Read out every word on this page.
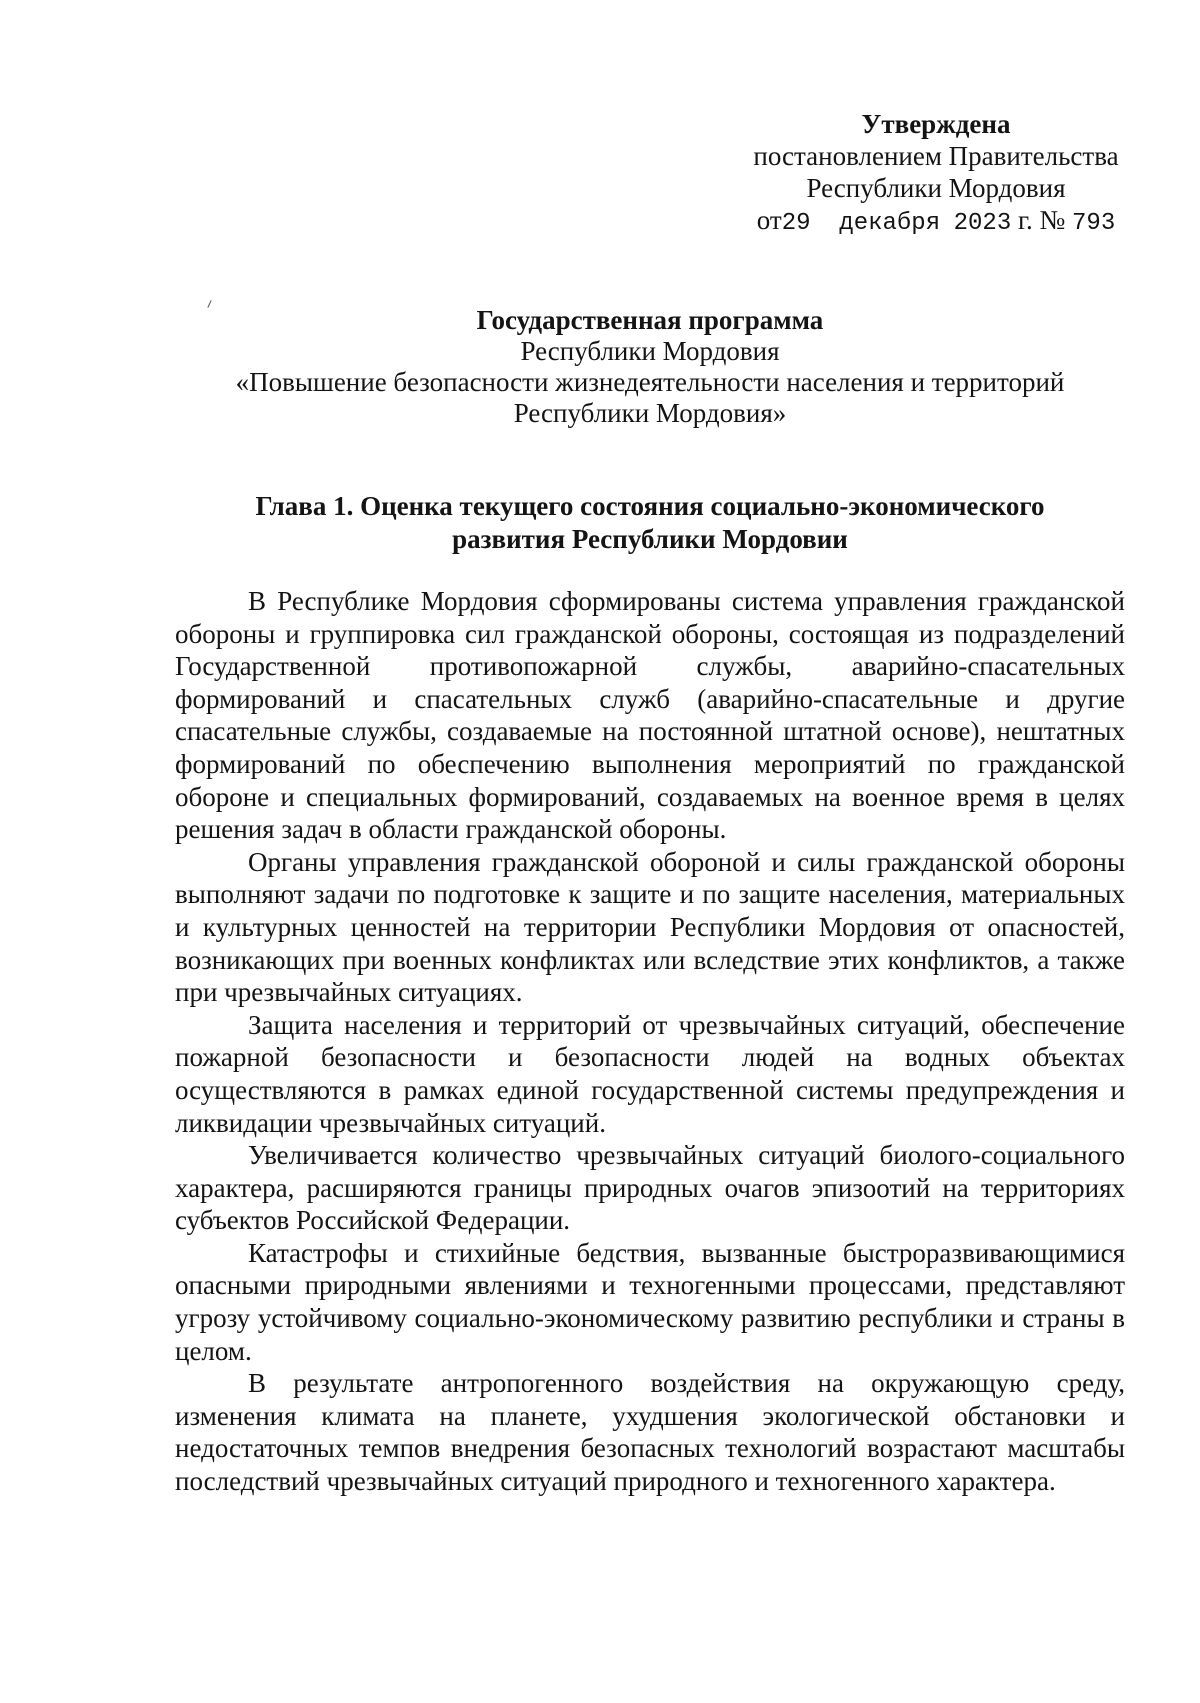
Утверждена
постановлением Правительства
Республики Мордовия
от29  декабря 2023 г. № 793
Государственная программа
Республики Мордовия
«Повышение безопасности жизнедеятельности населения и территорий
Республики Мордовия»
Глава 1. Оценка текущего состояния социально-экономического
развития Республики Мордовии

В Республике Мордовия сформированы система управления гражданской обороны и группировка сил гражданской обороны, состоящая из подразделений Государственной противопожарной службы, аварийно-спасательных формирований и спасательных служб (аварийно-спасательные и другие спасательные службы, создаваемые на постоянной штатной основе), нештатных формирований по обеспечению выполнения мероприятий по гражданской обороне и специальных формирований, создаваемых на военное время в целях решения задач в области гражданской обороны.

Органы управления гражданской обороной и силы гражданской обороны выполняют задачи по подготовке к защите и по защите населения, материальных и культурных ценностей на территории Республики Мордовия от опасностей, возникающих при военных конфликтах или вследствие этих конфликтов, а также при чрезвычайных ситуациях.

Защита населения и территорий от чрезвычайных ситуаций, обеспечение пожарной безопасности и безопасности людей на водных объектах осуществляются в рамках единой государственной системы предупреждения и ликвидации чрезвычайных ситуаций.

Увеличивается количество чрезвычайных ситуаций биолого-социального характера, расширяются границы природных очагов эпизоотий на территориях субъектов Российской Федерации.

Катастрофы и стихийные бедствия, вызванные быстроразвивающимися опасными природными явлениями и техногенными процессами, представляют угрозу устойчивому социально-экономическому развитию республики и страны в целом.

В результате антропогенного воздействия на окружающую среду, изменения климата на планете, ухудшения экологической обстановки и недостаточных темпов внедрения безопасных технологий возрастают масштабы последствий чрезвычайных ситуаций природного и техногенного характера.
